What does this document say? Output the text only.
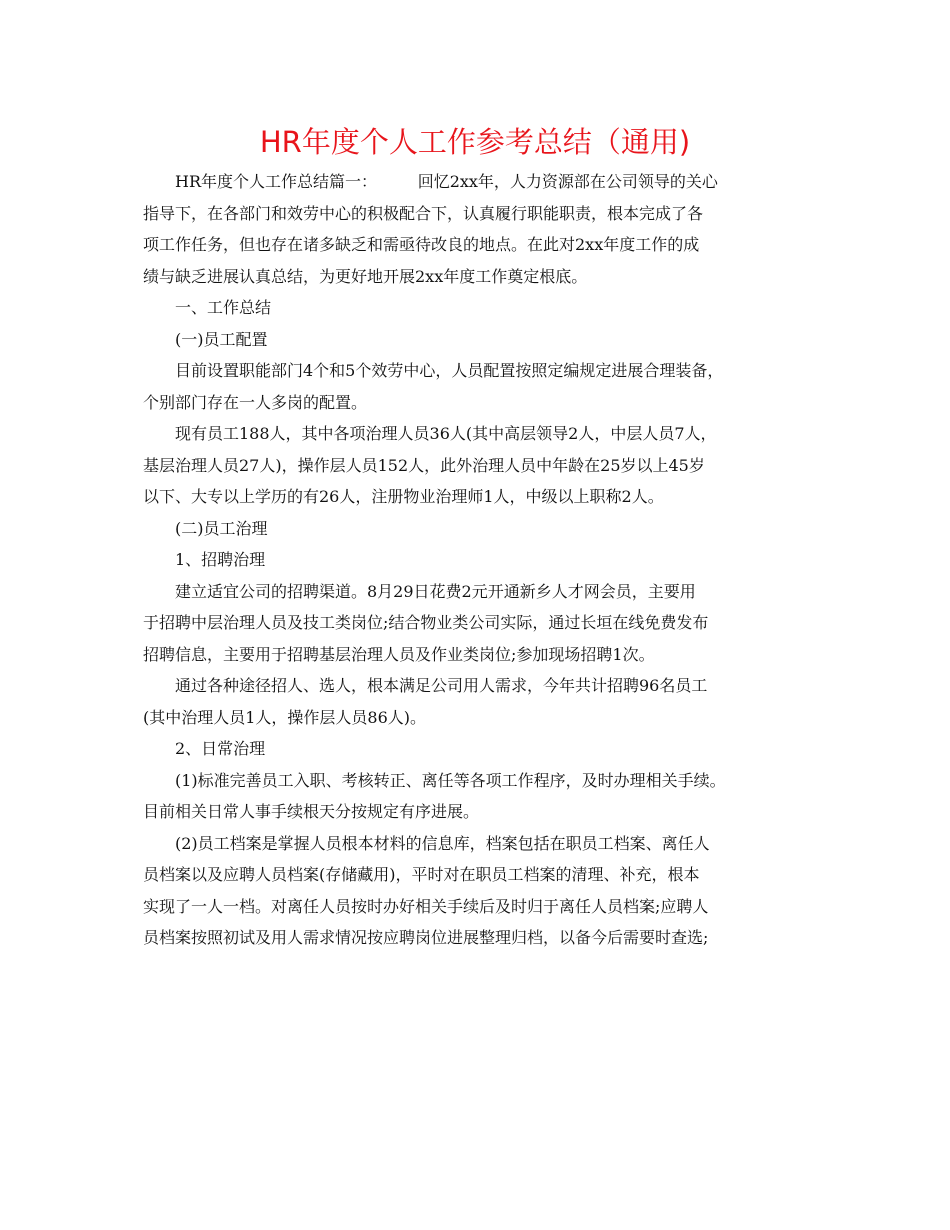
HR年度个人工作参考总结（通用)
HR年度个人工作总结篇一：        回忆2xx年，人力资源部在公司领导的关心
指导下，在各部门和效劳中心的积极配合下，认真履行职能职责，根本完成了各
项工作任务，但也存在诸多缺乏和需亟待改良的地点。在此对2xx年度工作的成
绩与缺乏进展认真总结，为更好地开展2xx年度工作奠定根底。
一、工作总结
(一)员工配置
目前设置职能部门4个和5个效劳中心，人员配置按照定编规定进展合理装备，
个别部门存在一人多岗的配置。
现有员工188人，其中各项治理人员36人(其中高层领导2人，中层人员7人，
基层治理人员27人)，操作层人员152人，此外治理人员中年龄在25岁以上45岁
以下、大专以上学历的有26人，注册物业治理师1人，中级以上职称2人。
(二)员工治理
1、招聘治理
建立适宜公司的招聘渠道。8月29日花费2元开通新乡人才网会员，主要用
于招聘中层治理人员及技工类岗位;结合物业类公司实际，通过长垣在线免费发布
招聘信息，主要用于招聘基层治理人员及作业类岗位;参加现场招聘1次。
通过各种途径招人、选人，根本满足公司用人需求，今年共计招聘96名员工
(其中治理人员1人，操作层人员86人)。
2、日常治理
(1)标准完善员工入职、考核转正、离任等各项工作程序，及时办理相关手续。
目前相关日常人事手续根天分按规定有序进展。
(2)员工档案是掌握人员根本材料的信息库，档案包括在职员工档案、离任人
员档案以及应聘人员档案(存储藏用)，平时对在职员工档案的清理、补充，根本
实现了一人一档。对离任人员按时办好相关手续后及时归于离任人员档案;应聘人
员档案按照初试及用人需求情况按应聘岗位进展整理归档，以备今后需要时查选;
